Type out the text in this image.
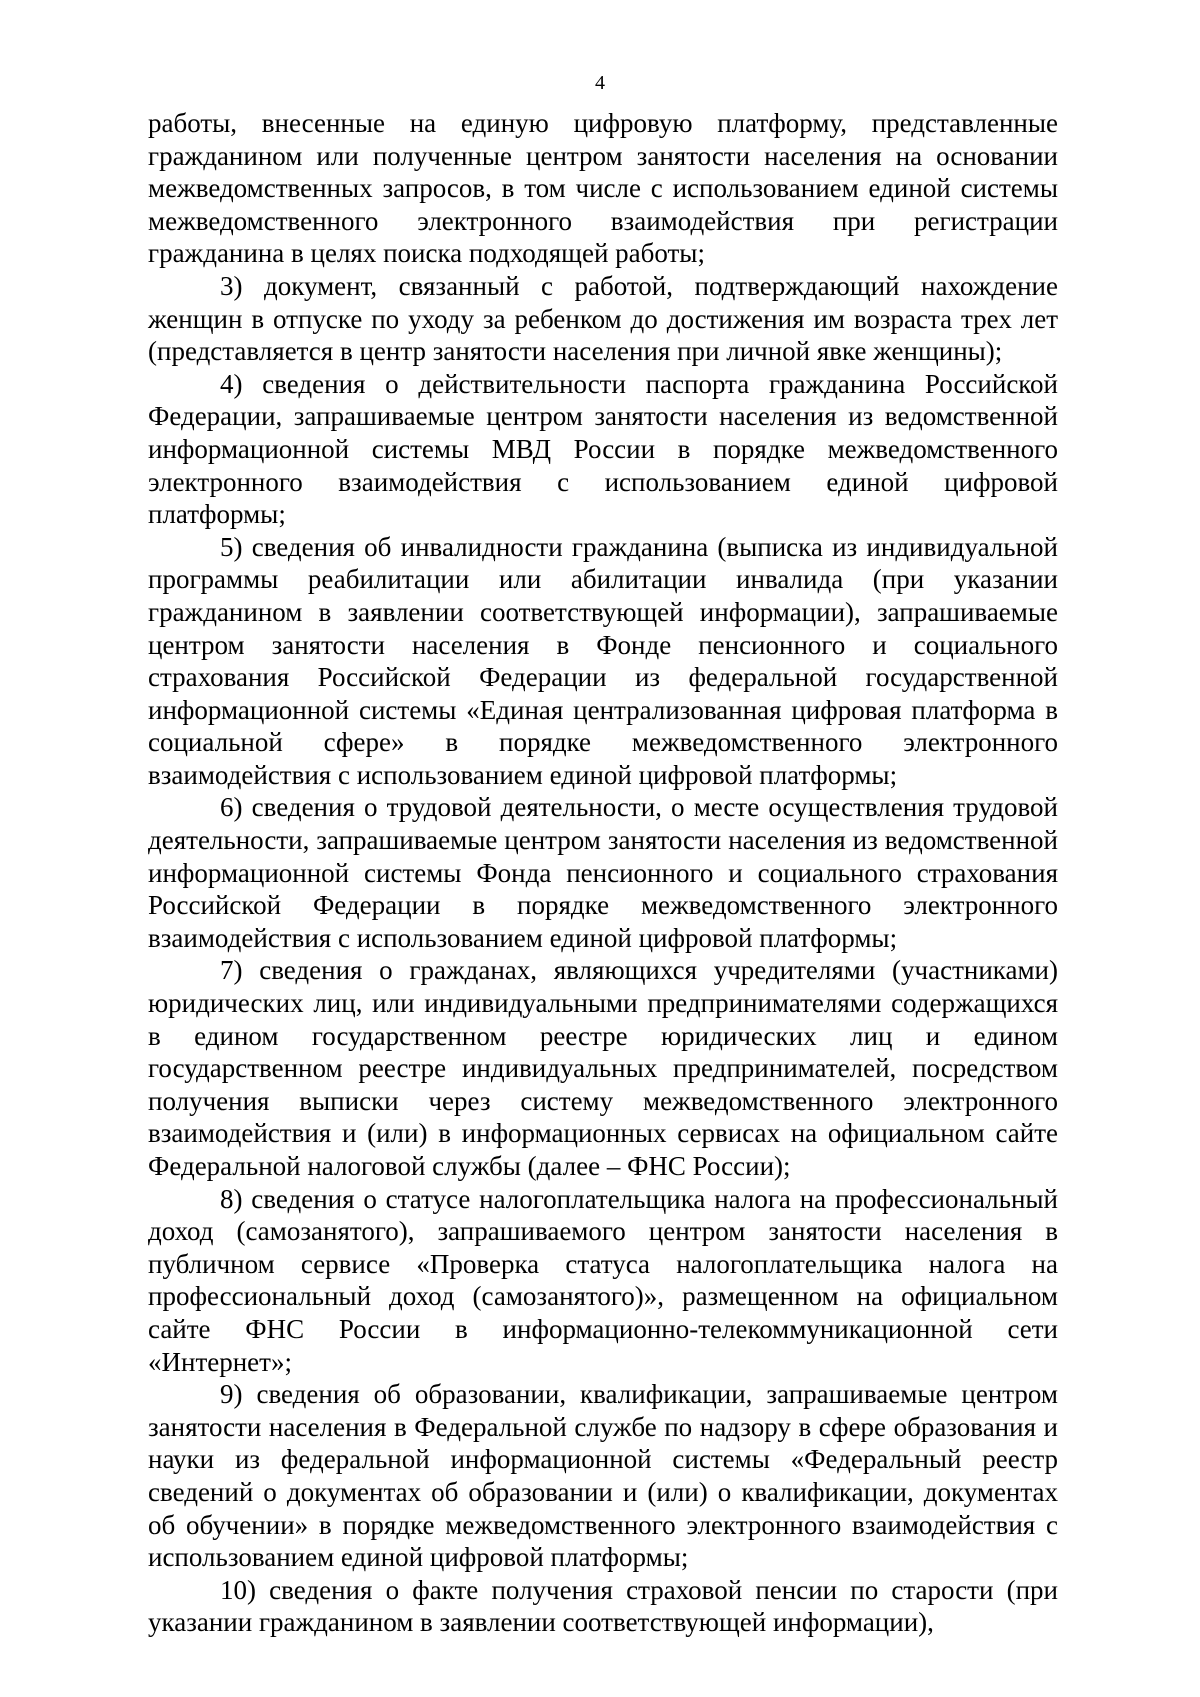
4

работы, внесенные на единую цифровую платформу, представленные гражданином или полученные центром занятости населения на основании межведомственных запросов, в том числе с использованием единой системы межведомственного электронного взаимодействия при регистрации гражданина в целях поиска подходящей работы;

3) документ, связанный с работой, подтверждающий нахождение женщин в отпуске по уходу за ребенком до достижения им возраста трех лет (представляется в центр занятости населения при личной явке женщины);

4) сведения о действительности паспорта гражданина Российской Федерации, запрашиваемые центром занятости населения из ведомственной информационной системы МВД России в порядке межведомственного электронного взаимодействия с использованием единой цифровой платформы;

5) сведения об инвалидности гражданина (выписка из индивидуальной программы реабилитации или абилитации инвалида (при указании гражданином в заявлении соответствующей информации), запрашиваемые центром занятости населения в Фонде пенсионного и социального страхования Российской Федерации из федеральной государственной информационной системы «Единая централизованная цифровая платформа в социальной сфере» в порядке межведомственного электронного взаимодействия с использованием единой цифровой платформы;

6) сведения о трудовой деятельности, о месте осуществления трудовой деятельности, запрашиваемые центром занятости населения из ведомственной информационной системы Фонда пенсионного и социального страхования Российской Федерации в порядке межведомственного электронного взаимодействия с использованием единой цифровой платформы;

7) сведения о гражданах, являющихся учредителями (участниками) юридических лиц, или индивидуальными предпринимателями содержащихся в едином государственном реестре юридических лиц и едином государственном реестре индивидуальных предпринимателей, посредством получения выписки через систему межведомственного электронного взаимодействия и (или) в информационных сервисах на официальном сайте Федеральной налоговой службы (далее – ФНС России);

8) сведения о статусе налогоплательщика налога на профессиональный доход (самозанятого), запрашиваемого центром занятости населения в публичном сервисе «Проверка статуса налогоплательщика налога на профессиональный доход (самозанятого)», размещенном на официальном сайте ФНС России в информационно-телекоммуникационной сети «Интернет»;

9) сведения об образовании, квалификации, запрашиваемые центром занятости населения в Федеральной службе по надзору в сфере образования и науки из федеральной информационной системы «Федеральный реестр сведений о документах об образовании и (или) о квалификации, документах об обучении» в порядке межведомственного электронного взаимодействия с использованием единой цифровой платформы;

10) сведения о факте получения страховой пенсии по старости (при указании гражданином в заявлении соответствующей информации),
